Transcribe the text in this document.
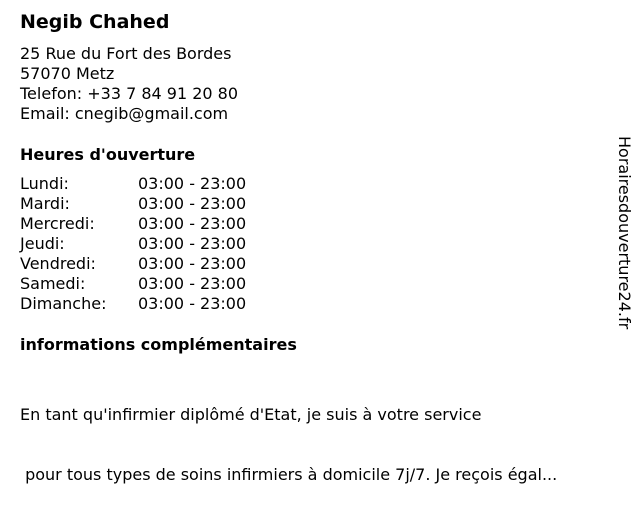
Negib Chahed
25 Rue du Fort des Bordes
57070 Metz
Telefon: +33 7 84 91 20 80
Email: cnegib@gmail.com
Heures d'ouverture
Lundi:	03:00 - 23:00
Mardi:	03:00 - 23:00
Mercredi:	03:00 - 23:00
Jeudi:	03:00 - 23:00
Vendredi:	03:00 - 23:00
Samedi:	03:00 - 23:00
Dimanche:	03:00 - 23:00
informations complémentaires

En tant qu'infirmier diplômé d'Etat, je suis à votre service

pour tous types de soins infirmiers à domicile 7j/7. Je reçois égal...

Horairesdouverture24.fr
